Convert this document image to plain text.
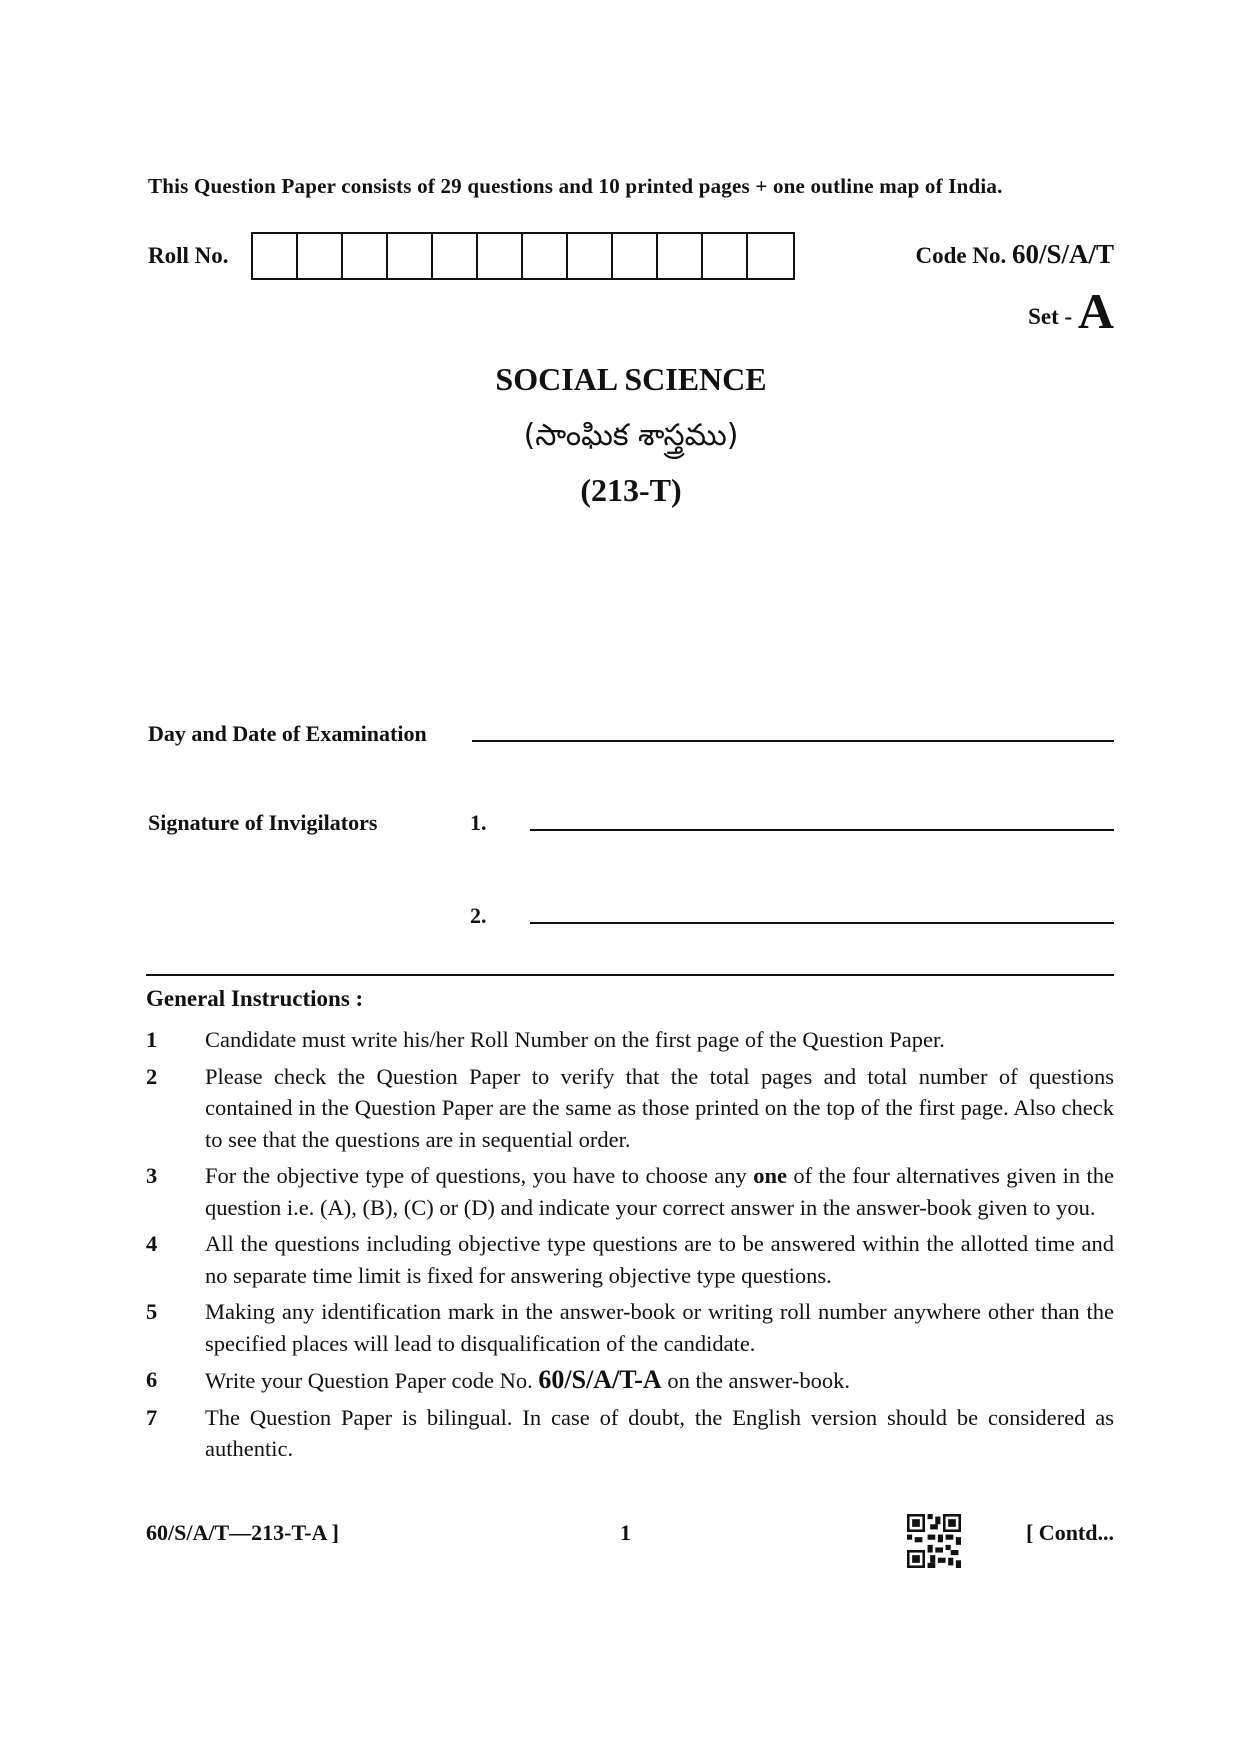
This Question Paper consists of 29 questions and 10 printed pages + one outline map of India.
Roll No.	Code No. 60/S/A/T
Set - A
SOCIAL SCIENCE
(సాంఘిక శాస్త్రము)
(213-T)
Day and Date of Examination
Signature of Invigilators	1.
2.
General Instructions :
1	Candidate must write his/her Roll Number on the first page of the Question Paper.
2	Please check the Question Paper to verify that the total pages and total number of questions contained in the Question Paper are the same as those printed on the top of the first page. Also check to see that the questions are in sequential order.
3	For the objective type of questions, you have to choose any one of the four alternatives given in the question i.e. (A), (B), (C) or (D) and indicate your correct answer in the answer-book given to you.
4	All the questions including objective type questions are to be answered within the allotted time and no separate time limit is fixed for answering objective type questions.
5	Making any identification mark in the answer-book or writing roll number anywhere other than the specified places will lead to disqualification of the candidate.
6	Write your Question Paper code No. 60/S/A/T-A on the answer-book.
7	The Question Paper is bilingual. In case of doubt, the English version should be considered as authentic.
60/S/A/T—213-T-A ]	1	[ Contd...
